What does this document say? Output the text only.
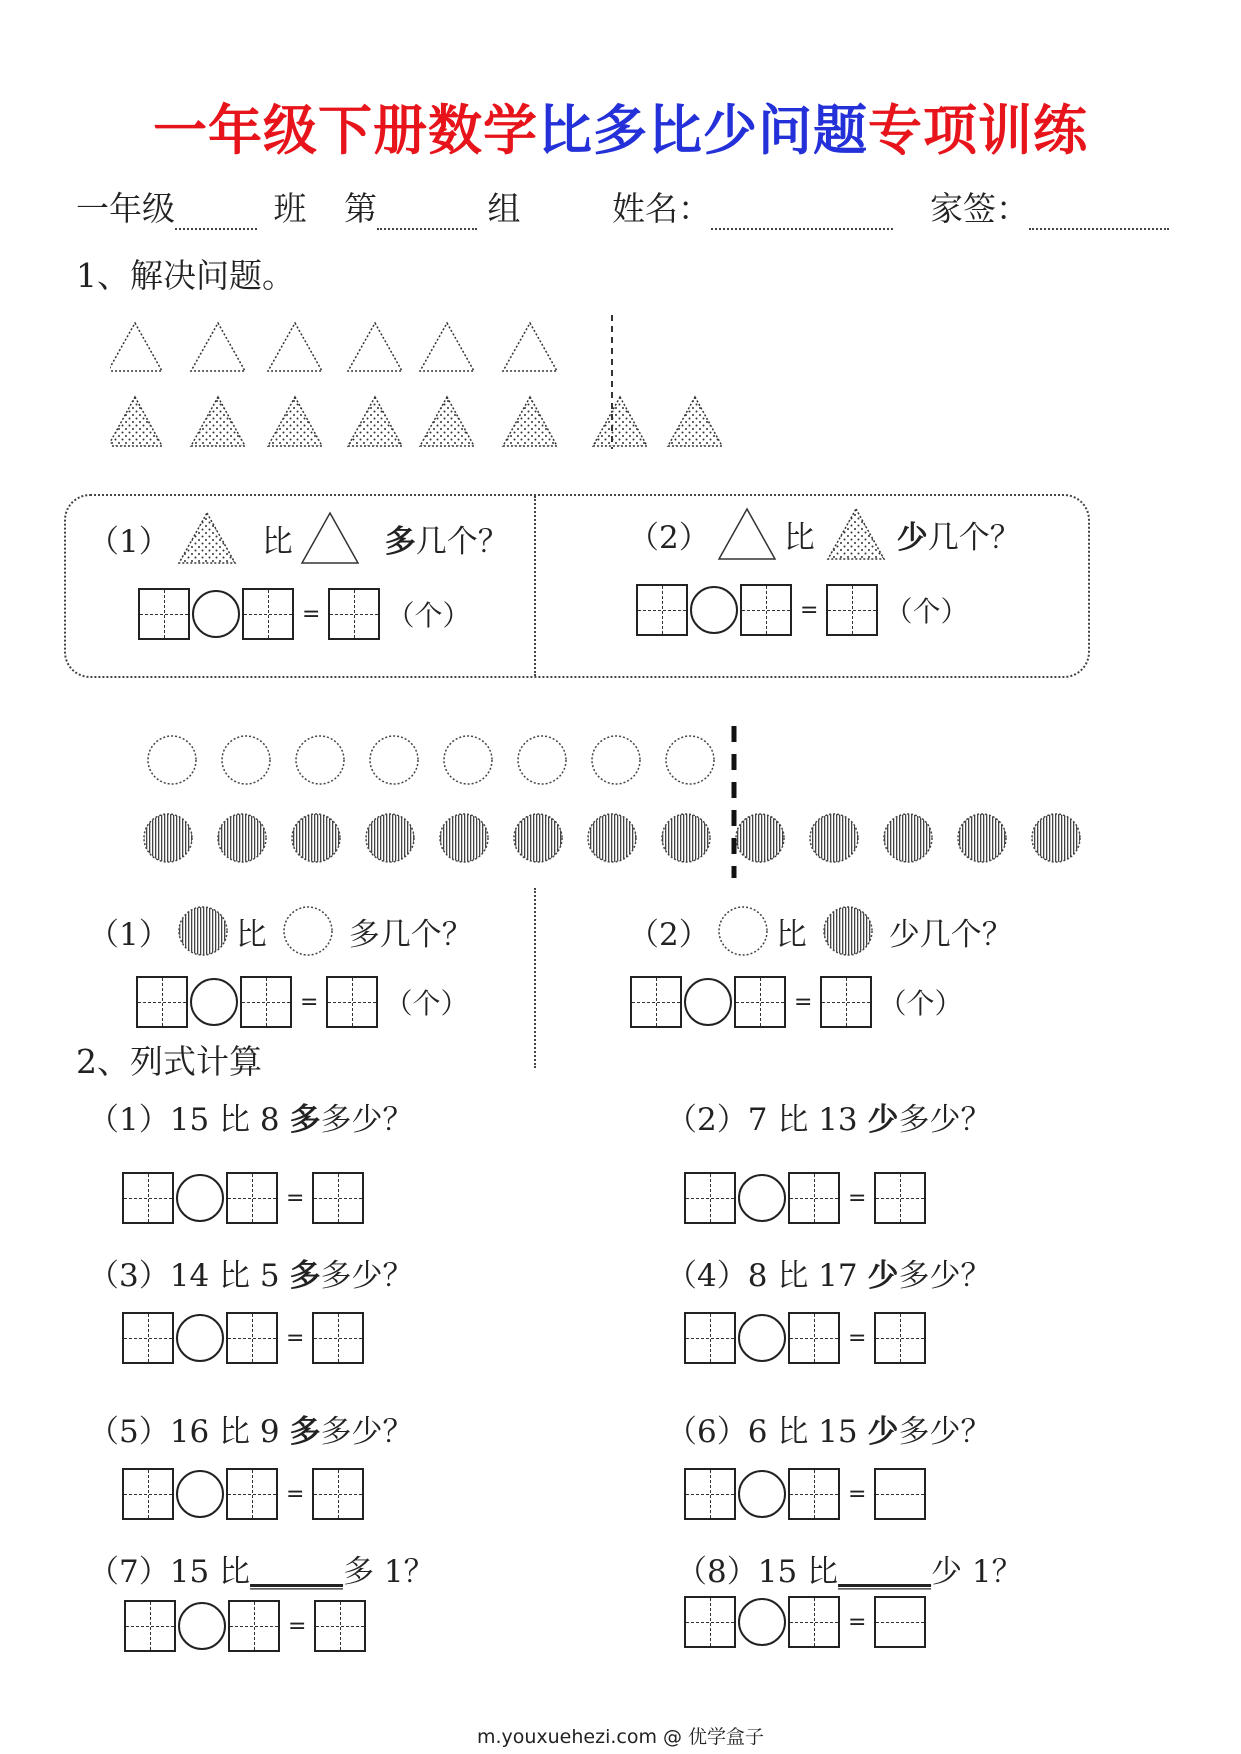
一年级下册数学比多比少问题专项训练
一年级	班 第	组	姓名：	家签：
1、解决问题。
（1）	比	多 几个？
= （个）
（2） 比	少 几个？
= （个）
（1） 比	多几个？
= （个）
（2） 比	少几个？
= （个）
2、列式计算
（1）15 比 8 多多少？
=
（2）7 比 13 少多少？
=
（3）14 比 5 多多少？
=
（4）8 比 17 少多少？
=
（5）16 比 9 多多少？
=
（6）6 比 15 少多少？
=
（7）15 比______多 1？
=
（8）15 比______少 1？
=
m.youxuehezi.com @ 优学盒子
